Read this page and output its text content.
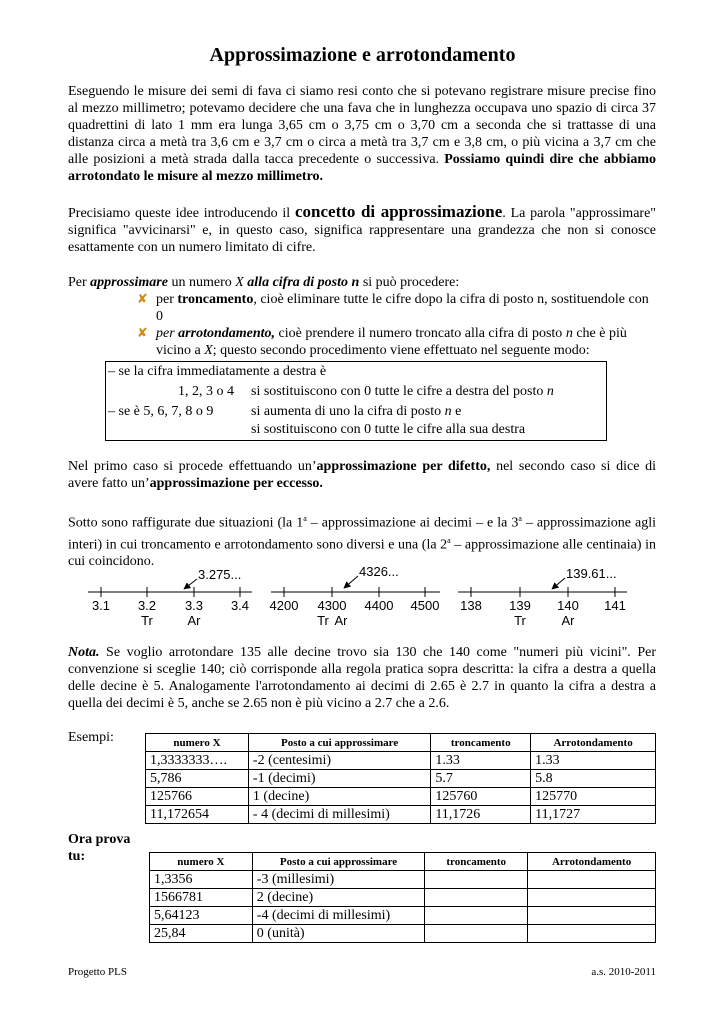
Approssimazione e arrotondamento
Eseguendo le misure dei semi di fava ci siamo resi conto che si potevano registrare misure precise fino al mezzo millimetro; potevamo decidere che una fava che in lunghezza occupava uno spazio di circa 37 quadrettini di lato 1 mm era lunga 3,65 cm o 3,75 cm o 3,70 cm a seconda che si trattasse di una distanza circa a metà tra 3,6 cm e 3,7 cm o circa a metà tra 3,7 cm e 3,8 cm, o più vicina a 3,7 cm che alle posizioni a metà strada dalla tacca precedente o successiva. Possiamo quindi dire che abbiamo arrotondato le misure al mezzo millimetro.
Precisiamo queste idee introducendo il concetto di approssimazione. La parola "approssimare" significa "avvicinarsi" e, in questo caso, significa rappresentare una grandezza che non si conosce esattamente con un numero limitato di cifre.
Per approssimare un numero X alla cifra di posto n si può procedere:
✘ per troncamento, cioè eliminare tutte le cifre dopo la cifra di posto n, sostituendole con 0
✘ per arrotondamento, cioè prendere il numero troncato alla cifra di posto n che è più vicino a X; questo secondo procedimento viene effettuato nel seguente modo:
– se la cifra immediatamente a destra è
1, 2, 3 o 4 si sostituiscono con 0 tutte le cifre a destra del posto n
– se è 5, 6, 7, 8 o 9	si aumenta di uno la cifra di posto n e
si sostituiscono con 0 tutte le cifre alla sua destra
Nel primo caso si procede effettuando un’approssimazione per difetto, nel secondo caso si dice di avere fatto un’approssimazione per eccesso.
Sotto sono raffigurate due situazioni (la 1$^a$ – approssimazione ai decimi – e la 3$^a$ – approssimazione agli interi) in cui troncamento e arrotondamento sono diversi e una (la 2$^a$ – approssimazione alle centinaia) in cui coincidono.
3.275...
3.1 3.2 3.3 3.4
Tr	Ar
4326...
4200 4300 4400 4500
Tr Ar
139.61...
138 139 140 141
Tr	Ar
Nota. Se voglio arrotondare 135 alle decine trovo sia 130 che 140 come "numeri più vicini". Per convenzione si sceglie 140; ciò corrisponde alla regola pratica sopra descritta: la cifra a destra a quella delle decine è 5. Analogamente l'arrotondamento ai decimi di 2.65 è 2.7 in quanto la cifra a destra a quella dei decimi è 5, anche se 2.65 non è più vicino a 2.7 che a 2.6.
Esempi:	numero X	Posto a cui approssimare	troncamento	Arrotondamento
1,3333333….	-2 (centesimi)	1.33	1.33
5,786	-1 (decimi)	5.7	5.8
125766	1 (decine)	125760	125770
11,172654	- 4 (decimi di millesimi)	11,1726	11,1727
Ora prova
tu:	numero X	Posto a cui approssimare	troncamento	Arrotondamento
1,3356	-3 (millesimi)		
1566781	2 (decine)		
5,64123	-4 (decimi di millesimi)		
25,84	0 (unità)		
Progetto PLS	a.s. 2010-2011
